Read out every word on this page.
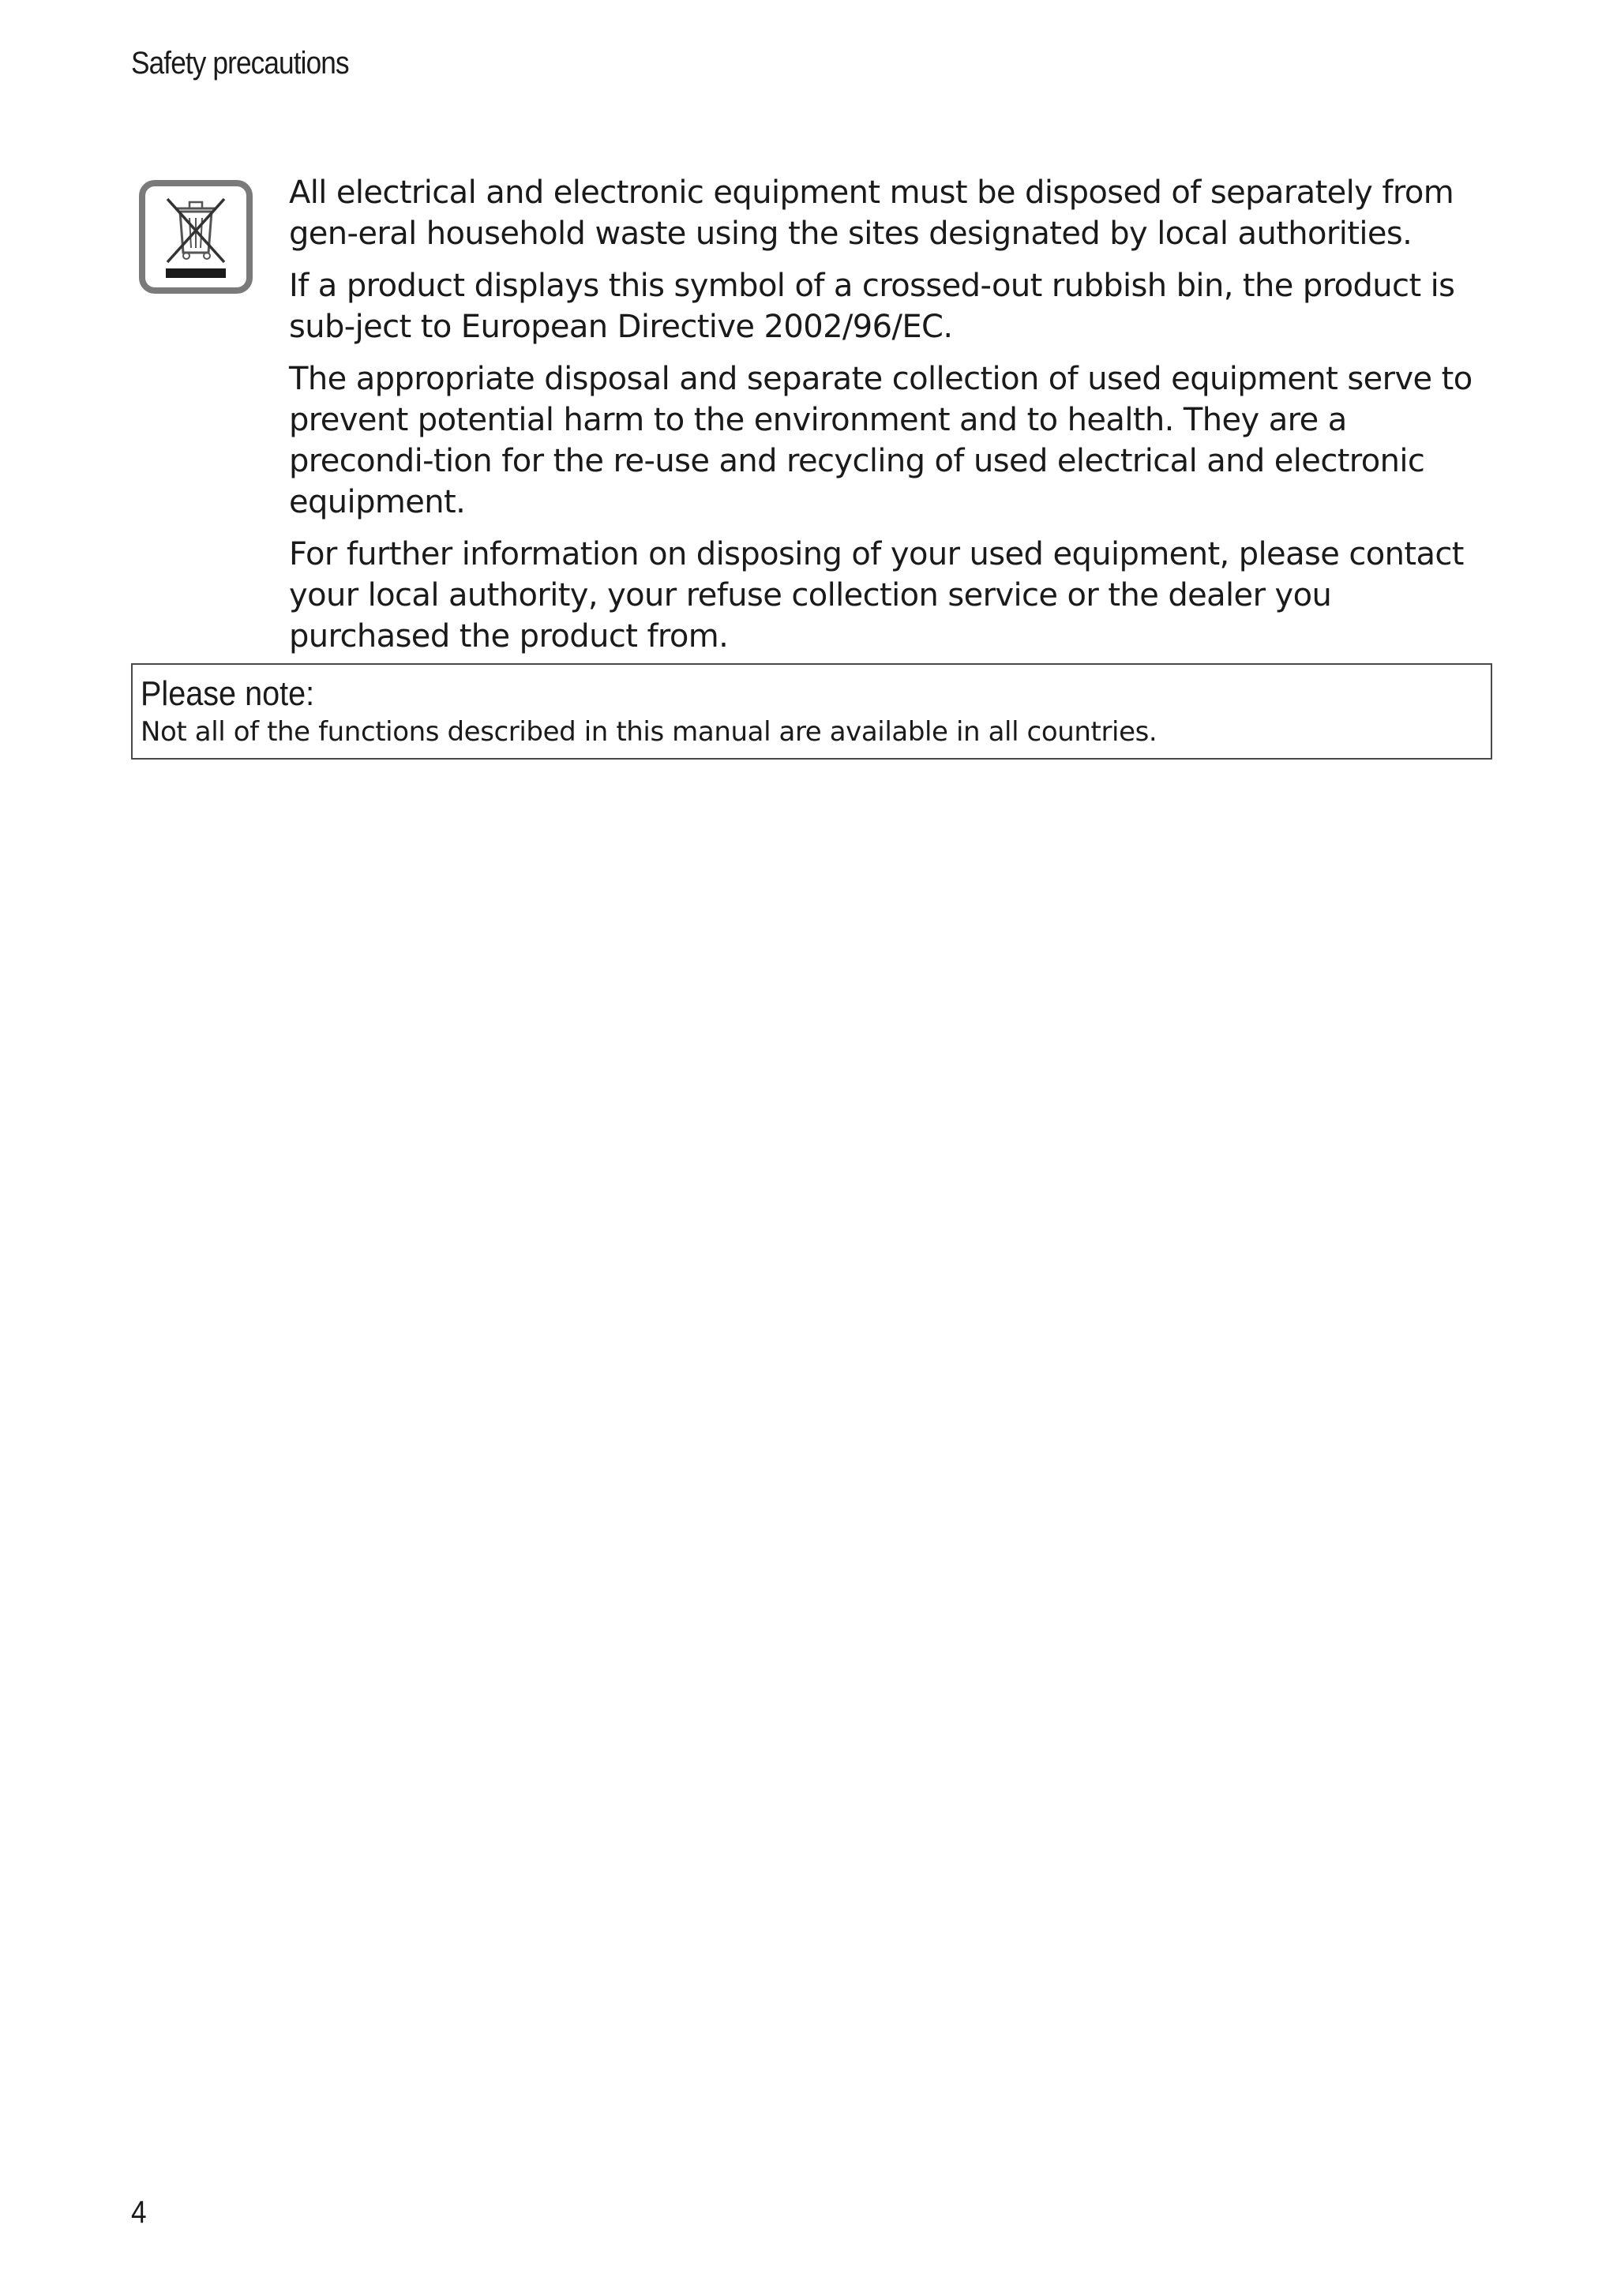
Safety precautions

All electrical and electronic equipment must be disposed of separately from gen-eral household waste using the sites designated by local authorities.

If a product displays this symbol of a crossed-out rubbish bin, the product is sub-ject to European Directive 2002/96/EC.

The appropriate disposal and separate collection of used equipment serve to prevent potential harm to the environment and to health. They are a precondi-tion for the re-use and recycling of used electrical and electronic equipment.

For further information on disposing of your used equipment, please contact your local authority, your refuse collection service or the dealer you purchased the product from.

Please note:
Not all of the functions described in this manual are available in all countries.
4
